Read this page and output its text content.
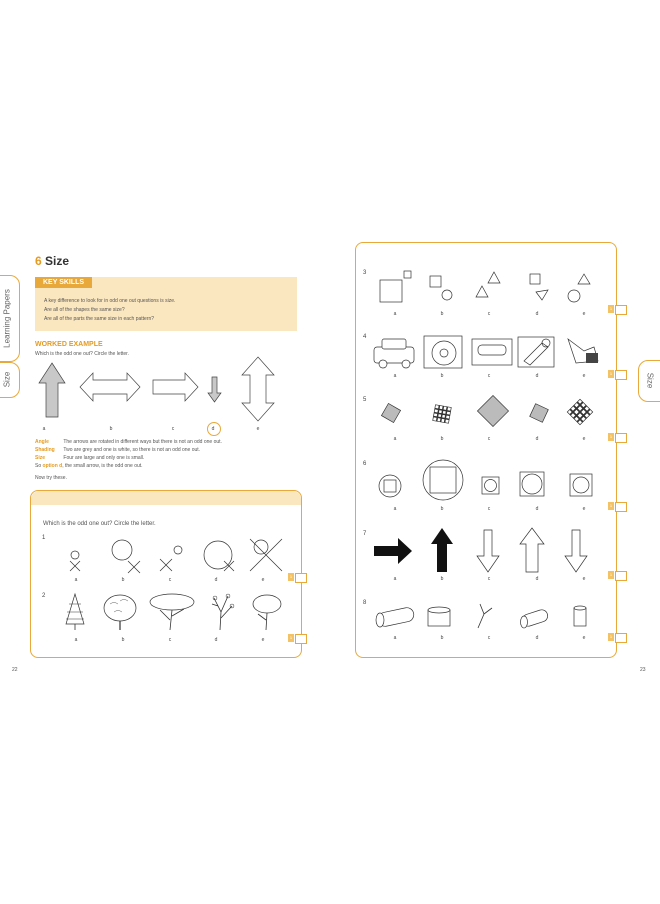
Learning Papers
Size
6 Size
KEY SKILLS
A key difference to look for in odd one out questions is size.
Are all of the shapes the same size?
Are all of the parts the same size in each pattern?
WORKED EXAMPLE
Which is the odd one out? Circle the letter.
a	b	c	d	e
Angle	The arrows are rotated in different ways but there is not an odd one out.
Shading Two are grey and one is white, so there is not an odd one out.
Size	Four are large and only one is small.
So option d, the small arrow, is the odd one out.
Now try these.
Which is the odd one out? Circle the letter.
1
a	b	c	d	e
1
2
a	b	c	d	e	1
22
Size
3
4
5
6
7
8
a	b	c	d	e
1
a	b	c	d	e	1
a	b	c	d	e	1
a	b	c	d	e
1
a	b	c	d	e
1
a	b	c	d	e	1
23
